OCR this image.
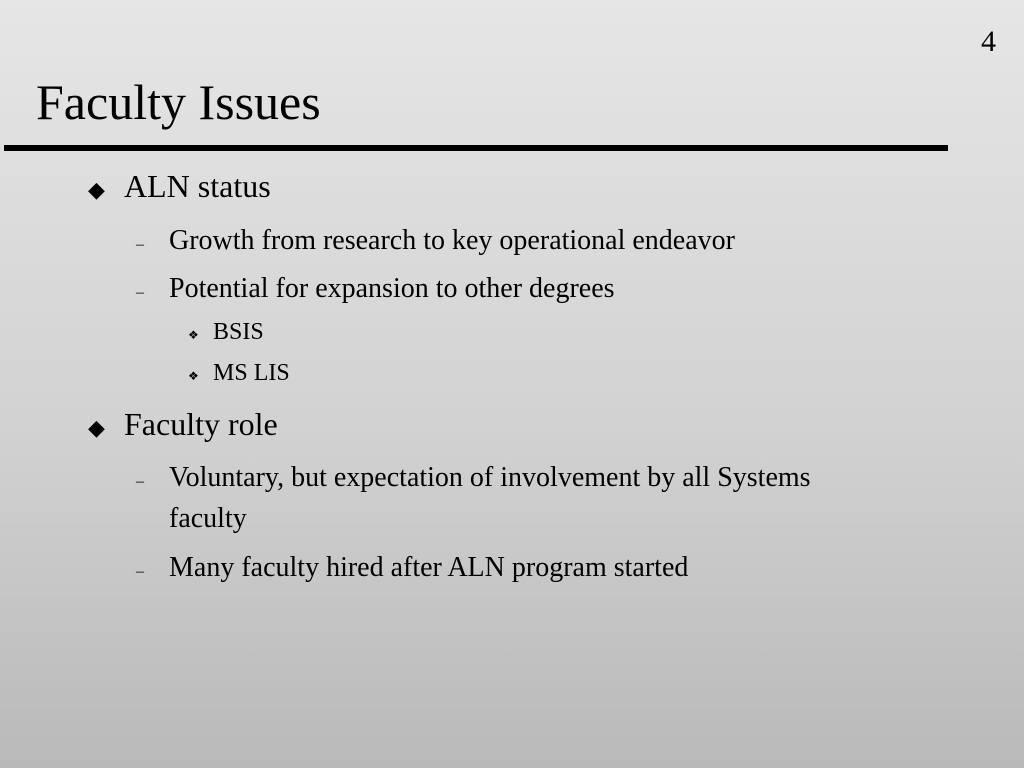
4
Faculty Issues
◆ ALN status
– Growth from research to key operational endeavor
– Potential for expansion to other degrees
❖ BSIS
❖ MS LIS
◆ Faculty role
– Voluntary, but expectation of involvement by all Systems faculty
– Many faculty hired after ALN program started
